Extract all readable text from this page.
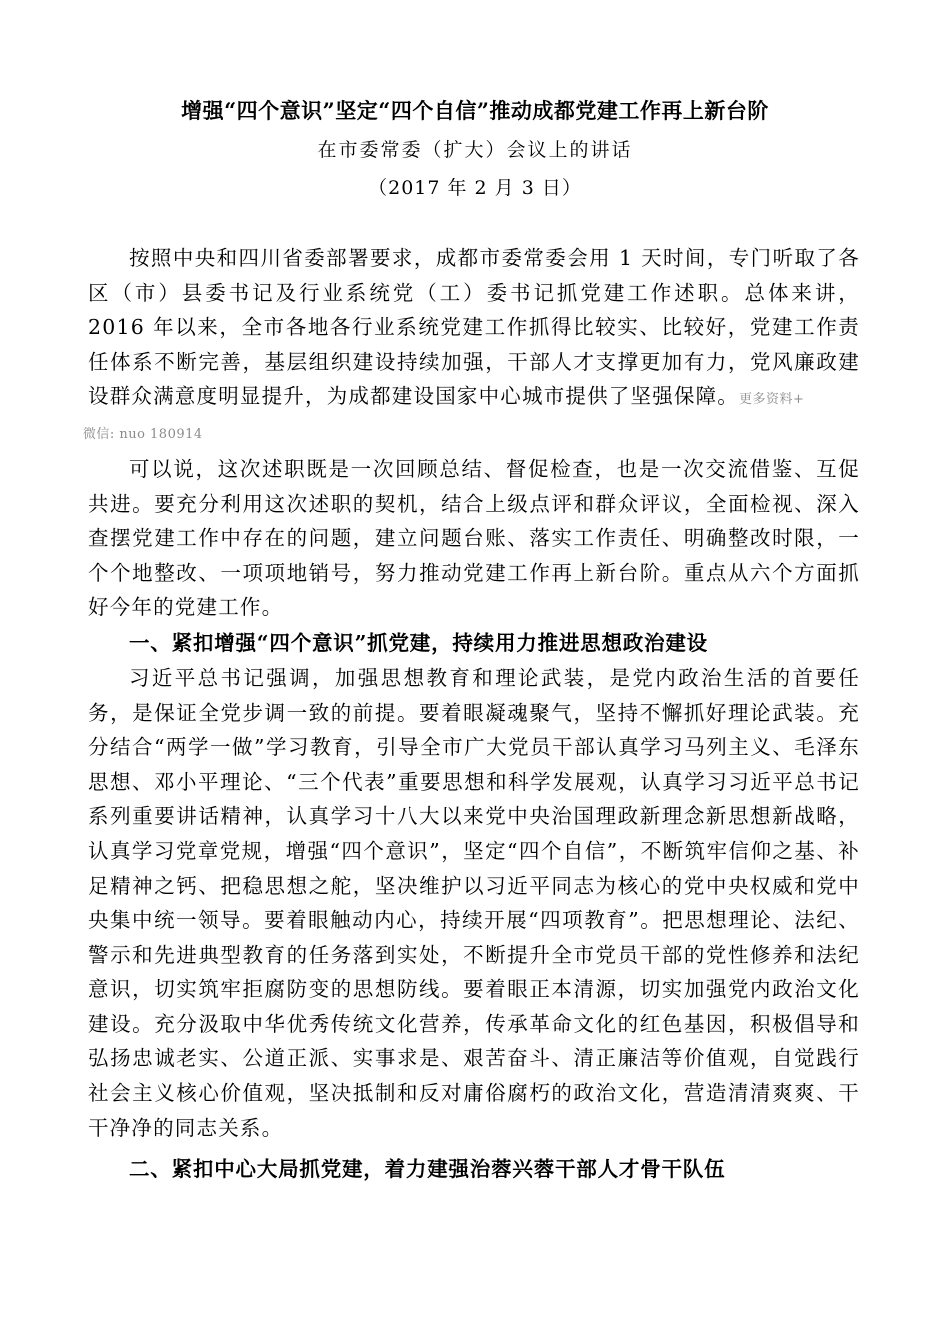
增强“四个意识”坚定“四个自信”推动成都党建工作再上新台阶
在市委常委（扩大）会议上的讲话
（2017 年 2 月 3 日）

按照中央和四川省委部署要求，成都市委常委会用 1 天时间，专门听取了各区（市）县委书记及行业系统党（工）委书记抓党建工作述职。总体来讲，2016 年以来，全市各地各行业系统党建工作抓得比较实、比较好，党建工作责任体系不断完善，基层组织建设持续加强，干部人才支撑更加有力，党风廉政建设群众满意度明显提升，为成都建设国家中心城市提供了坚强保障。更多资料+
微信: nuo 180914

可以说，这次述职既是一次回顾总结、督促检查，也是一次交流借鉴、互促共进。要充分利用这次述职的契机，结合上级点评和群众评议，全面检视、深入查摆党建工作中存在的问题，建立问题台账、落实工作责任、明确整改时限，一个个地整改、一项项地销号，努力推动党建工作再上新台阶。重点从六个方面抓好今年的党建工作。

一、紧扣增强“四个意识”抓党建，持续用力推进思想政治建设

习近平总书记强调，加强思想教育和理论武装，是党内政治生活的首要任务，是保证全党步调一致的前提。要着眼凝魂聚气，坚持不懈抓好理论武装。充分结合“两学一做”学习教育，引导全市广大党员干部认真学习马列主义、毛泽东思想、邓小平理论、“三个代表”重要思想和科学发展观，认真学习习近平总书记系列重要讲话精神，认真学习十八大以来党中央治国理政新理念新思想新战略，认真学习党章党规，增强“四个意识”，坚定“四个自信”，不断筑牢信仰之基、补足精神之钙、把稳思想之舵，坚决维护以习近平同志为核心的党中央权威和党中央集中统一领导。要着眼触动内心，持续开展“四项教育”。把思想理论、法纪、警示和先进典型教育的任务落到实处，不断提升全市党员干部的党性修养和法纪意识，切实筑牢拒腐防变的思想防线。要着眼正本清源，切实加强党内政治文化建设。充分汲取中华优秀传统文化营养，传承革命文化的红色基因，积极倡导和弘扬忠诚老实、公道正派、实事求是、艰苦奋斗、清正廉洁等价值观，自觉践行社会主义核心价值观，坚决抵制和反对庸俗腐朽的政治文化，营造清清爽爽、干干净净的同志关系。

二、紧扣中心大局抓党建，着力建强治蓉兴蓉干部人才骨干队伍
